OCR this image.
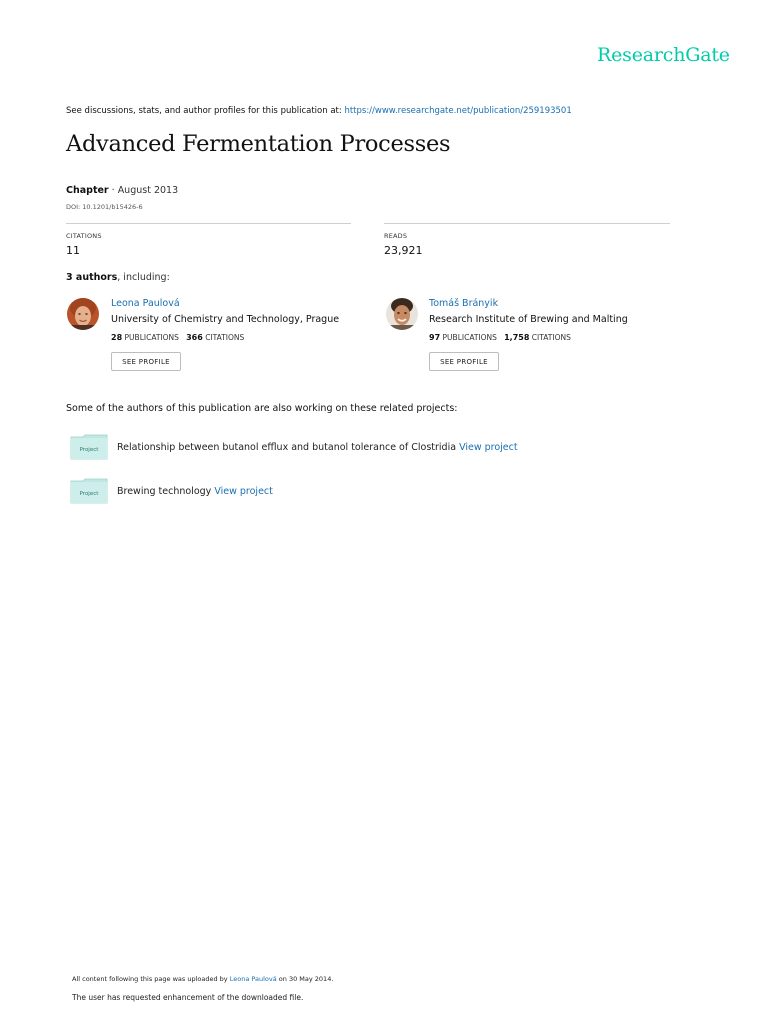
ResearchGate
See discussions, stats, and author profiles for this publication at: https://www.researchgate.net/publication/259193501
Advanced Fermentation Processes
Chapter · August 2013
DOI: 10.1201/b15426-6
CITATIONS
11
READS
23,921
3 authors, including:
Leona Paulová
University of Chemistry and Technology, Prague
28 PUBLICATIONS 366 CITATIONS
SEE PROFILE
Tomáš Brányik
Research Institute of Brewing and Malting
97 PUBLICATIONS 1,758 CITATIONS
SEE PROFILE
Some of the authors of this publication are also working on these related projects:
Project Relationship between butanol efflux and butanol tolerance of Clostridia View project
Project Brewing technology View project
All content following this page was uploaded by Leona Paulová on 30 May 2014.
The user has requested enhancement of the downloaded file.
